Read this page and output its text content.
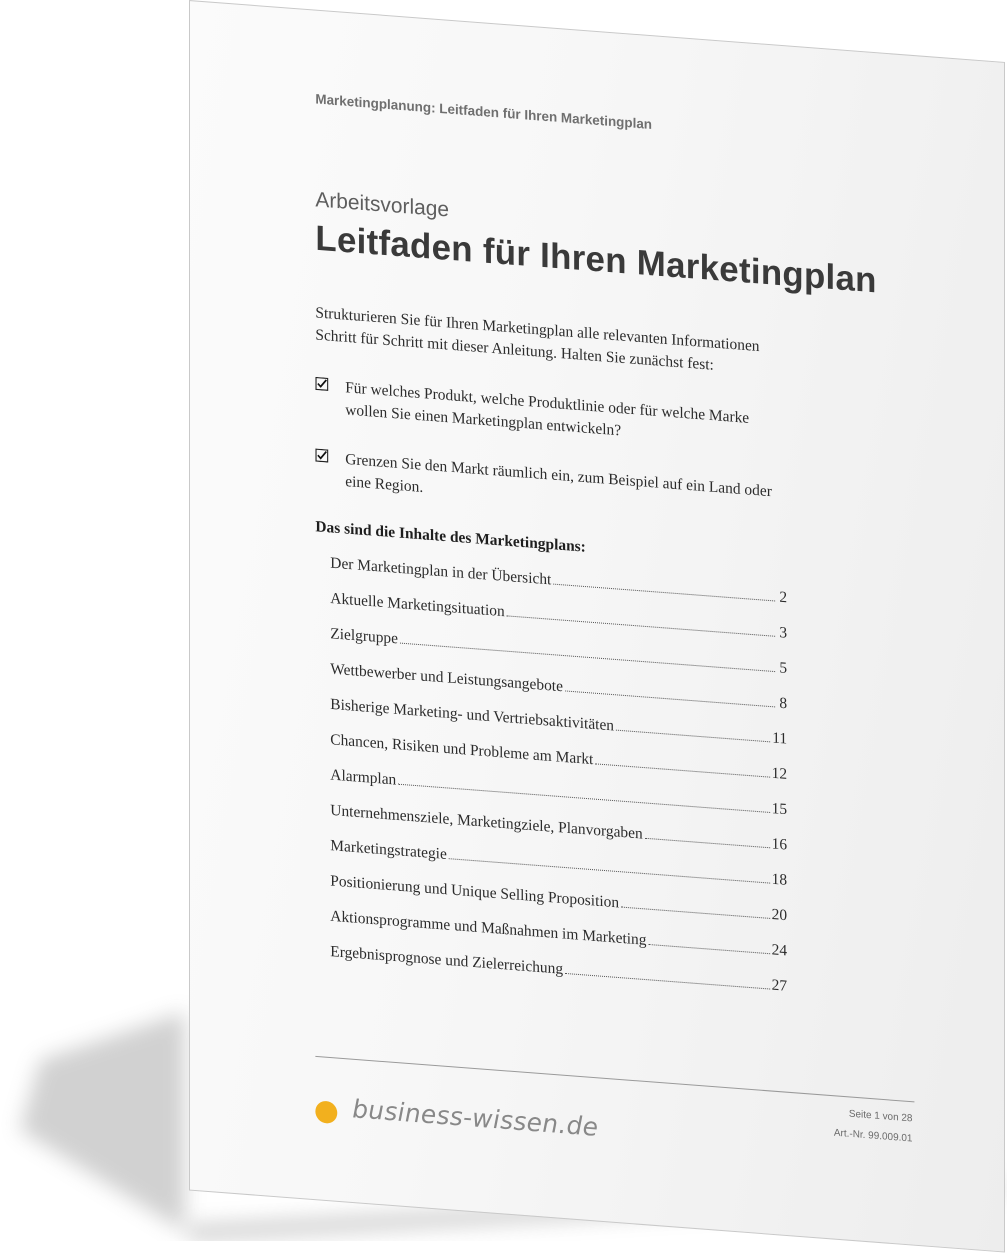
Marketingplanung: Leitfaden für Ihren Marketingplan
Arbeitsvorlage
Leitfaden für Ihren Marketingplan
Strukturieren Sie für Ihren Marketingplan alle relevanten Informationen Schritt für Schritt mit dieser Anleitung. Halten Sie zunächst fest:
Für welches Produkt, welche Produktlinie oder für welche Marke wollen Sie einen Marketingplan entwickeln?
Grenzen Sie den Markt räumlich ein, zum Beispiel auf ein Land oder eine Region.
Das sind die Inhalte des Marketingplans:
Der Marketingplan in der Übersicht
2
Aktuelle Marketingsituation
3
Zielgruppe
5
Wettbewerber und Leistungsangebote
8
Bisherige Marketing- und Vertriebsaktivitäten
11
Chancen, Risiken und Probleme am Markt
12
Alarmplan
15
Unternehmensziele, Marketingziele, Planvorgaben
16
Marketingstrategie
18
Positionierung und Unique Selling Proposition
20
Aktionsprogramme und Maßnahmen im Marketing
24
Ergebnisprognose und Zielerreichung
27
business-wissen.de	Seite 1 von 28
Art.-Nr. 99.009.01
